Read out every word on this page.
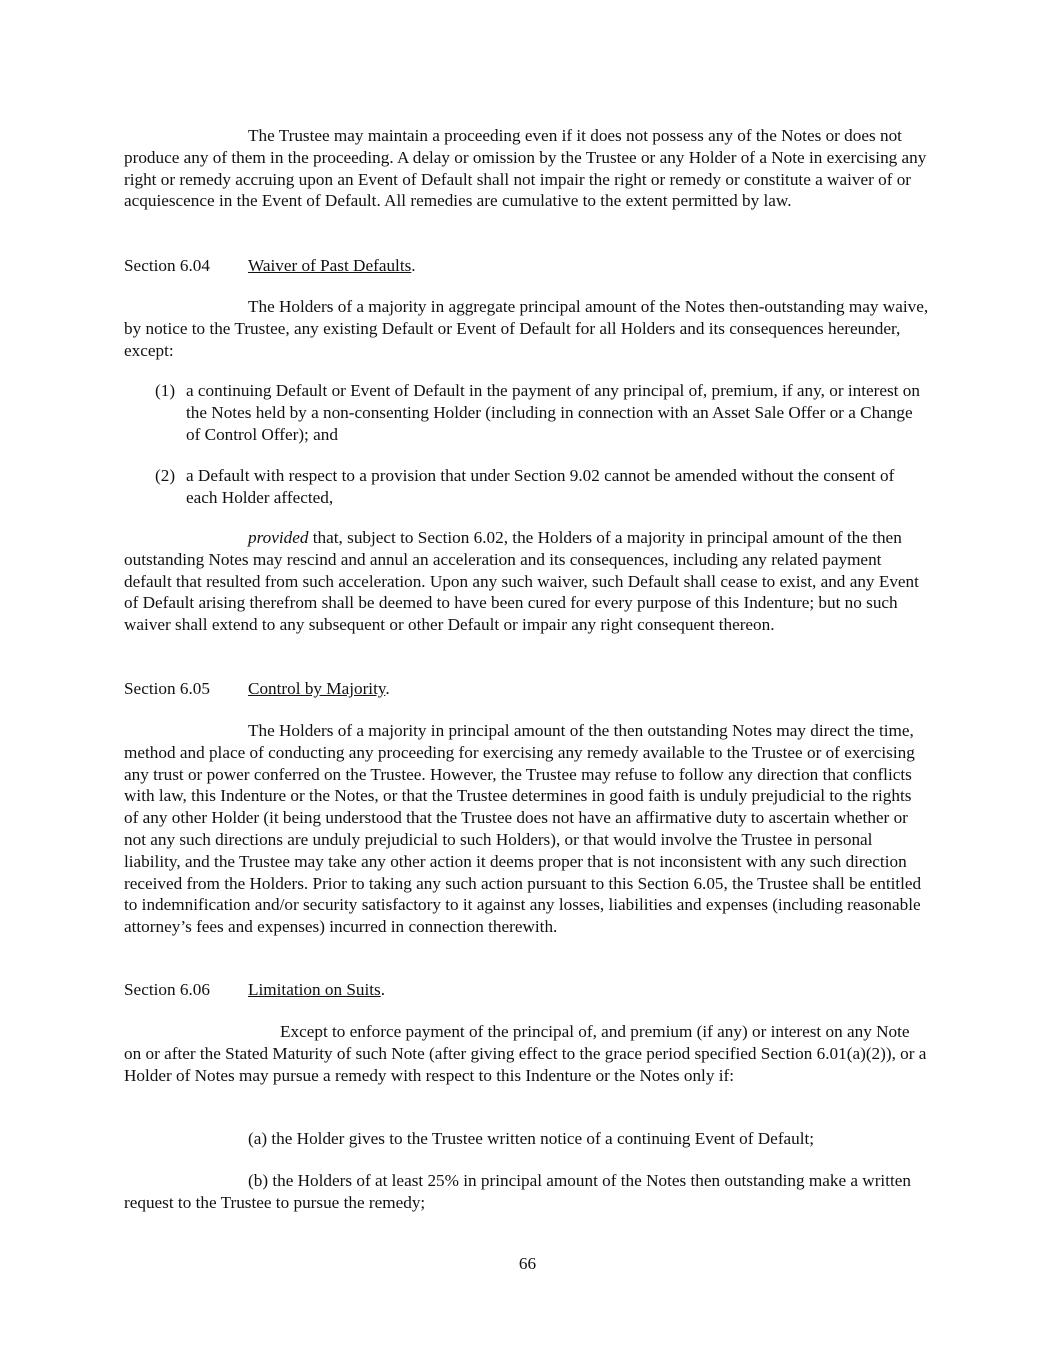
The Trustee may maintain a proceeding even if it does not possess any of the Notes or does not produce any of them in the proceeding. A delay or omission by the Trustee or any Holder of a Note in exercising any right or remedy accruing upon an Event of Default shall not impair the right or remedy or constitute a waiver of or acquiescence in the Event of Default. All remedies are cumulative to the extent permitted by law.

Section 6.04 Waiver of Past Defaults.

The Holders of a majority in aggregate principal amount of the Notes then-outstanding may waive, by notice to the Trustee, any existing Default or Event of Default for all Holders and its consequences hereunder, except:

(1) a continuing Default or Event of Default in the payment of any principal of, premium, if any, or interest on the Notes held by a non-consenting Holder (including in connection with an Asset Sale Offer or a Change of Control Offer); and
(2) a Default with respect to a provision that under Section 9.02 cannot be amended without the consent of each Holder affected,

provided that, subject to Section 6.02, the Holders of a majority in principal amount of the then outstanding Notes may rescind and annul an acceleration and its consequences, including any related payment default that resulted from such acceleration. Upon any such waiver, such Default shall cease to exist, and any Event of Default arising therefrom shall be deemed to have been cured for every purpose of this Indenture; but no such waiver shall extend to any subsequent or other Default or impair any right consequent thereon.

Section 6.05 Control by Majority.

The Holders of a majority in principal amount of the then outstanding Notes may direct the time, method and place of conducting any proceeding for exercising any remedy available to the Trustee or of exercising any trust or power conferred on the Trustee. However, the Trustee may refuse to follow any direction that conflicts with law, this Indenture or the Notes, or that the Trustee determines in good faith is unduly prejudicial to the rights of any other Holder (it being understood that the Trustee does not have an affirmative duty to ascertain whether or not any such directions are unduly prejudicial to such Holders), or that would involve the Trustee in personal liability, and the Trustee may take any other action it deems proper that is not inconsistent with any such direction received from the Holders. Prior to taking any such action pursuant to this Section 6.05, the Trustee shall be entitled to indemnification and/or security satisfactory to it against any losses, liabilities and expenses (including reasonable attorney’s fees and expenses) incurred in connection therewith.

Section 6.06 Limitation on Suits.

Except to enforce payment of the principal of, and premium (if any) or interest on any Note on or after the Stated Maturity of such Note (after giving effect to the grace period specified Section 6.01(a)(2)), or a Holder of Notes may pursue a remedy with respect to this Indenture or the Notes only if:

(a) the Holder gives to the Trustee written notice of a continuing Event of Default;

(b) the Holders of at least 25% in principal amount of the Notes then outstanding make a written request to the Trustee to pursue the remedy;

66
